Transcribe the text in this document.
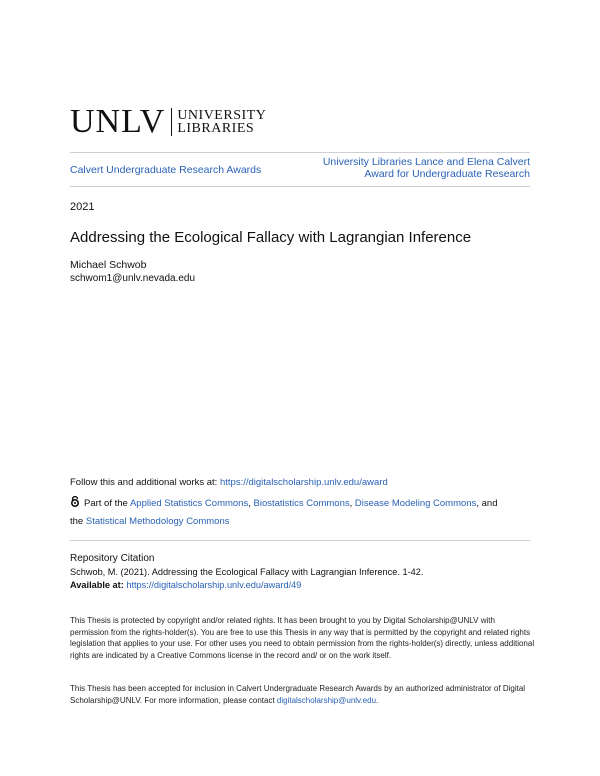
UNLV UNIVERSITY
LIBRARIES
Calvert Undergraduate Research Awards
University Libraries Lance and Elena Calvert Award for Undergraduate Research
2021
Addressing the Ecological Fallacy with Lagrangian Inference
Michael Schwob
schwom1@unlv.nevada.edu
Follow this and additional works at: https://digitalscholarship.unlv.edu/award
Part of the Applied Statistics Commons, Biostatistics Commons, Disease Modeling Commons, and
the Statistical Methodology Commons
Repository Citation
Schwob, M. (2021). Addressing the Ecological Fallacy with Lagrangian Inference. 1-42.
Available at: https://digitalscholarship.unlv.edu/award/49
This Thesis is protected by copyright and/or related rights. It has been brought to you by Digital Scholarship@UNLV with permission from the rights-holder(s). You are free to use this Thesis in any way that is permitted by the copyright and related rights legislation that applies to your use. For other uses you need to obtain permission from the rights-holder(s) directly, unless additional rights are indicated by a Creative Commons license in the record and/ or on the work itself.
This Thesis has been accepted for inclusion in Calvert Undergraduate Research Awards by an authorized administrator of Digital Scholarship@UNLV. For more information, please contact digitalscholarship@unlv.edu.
